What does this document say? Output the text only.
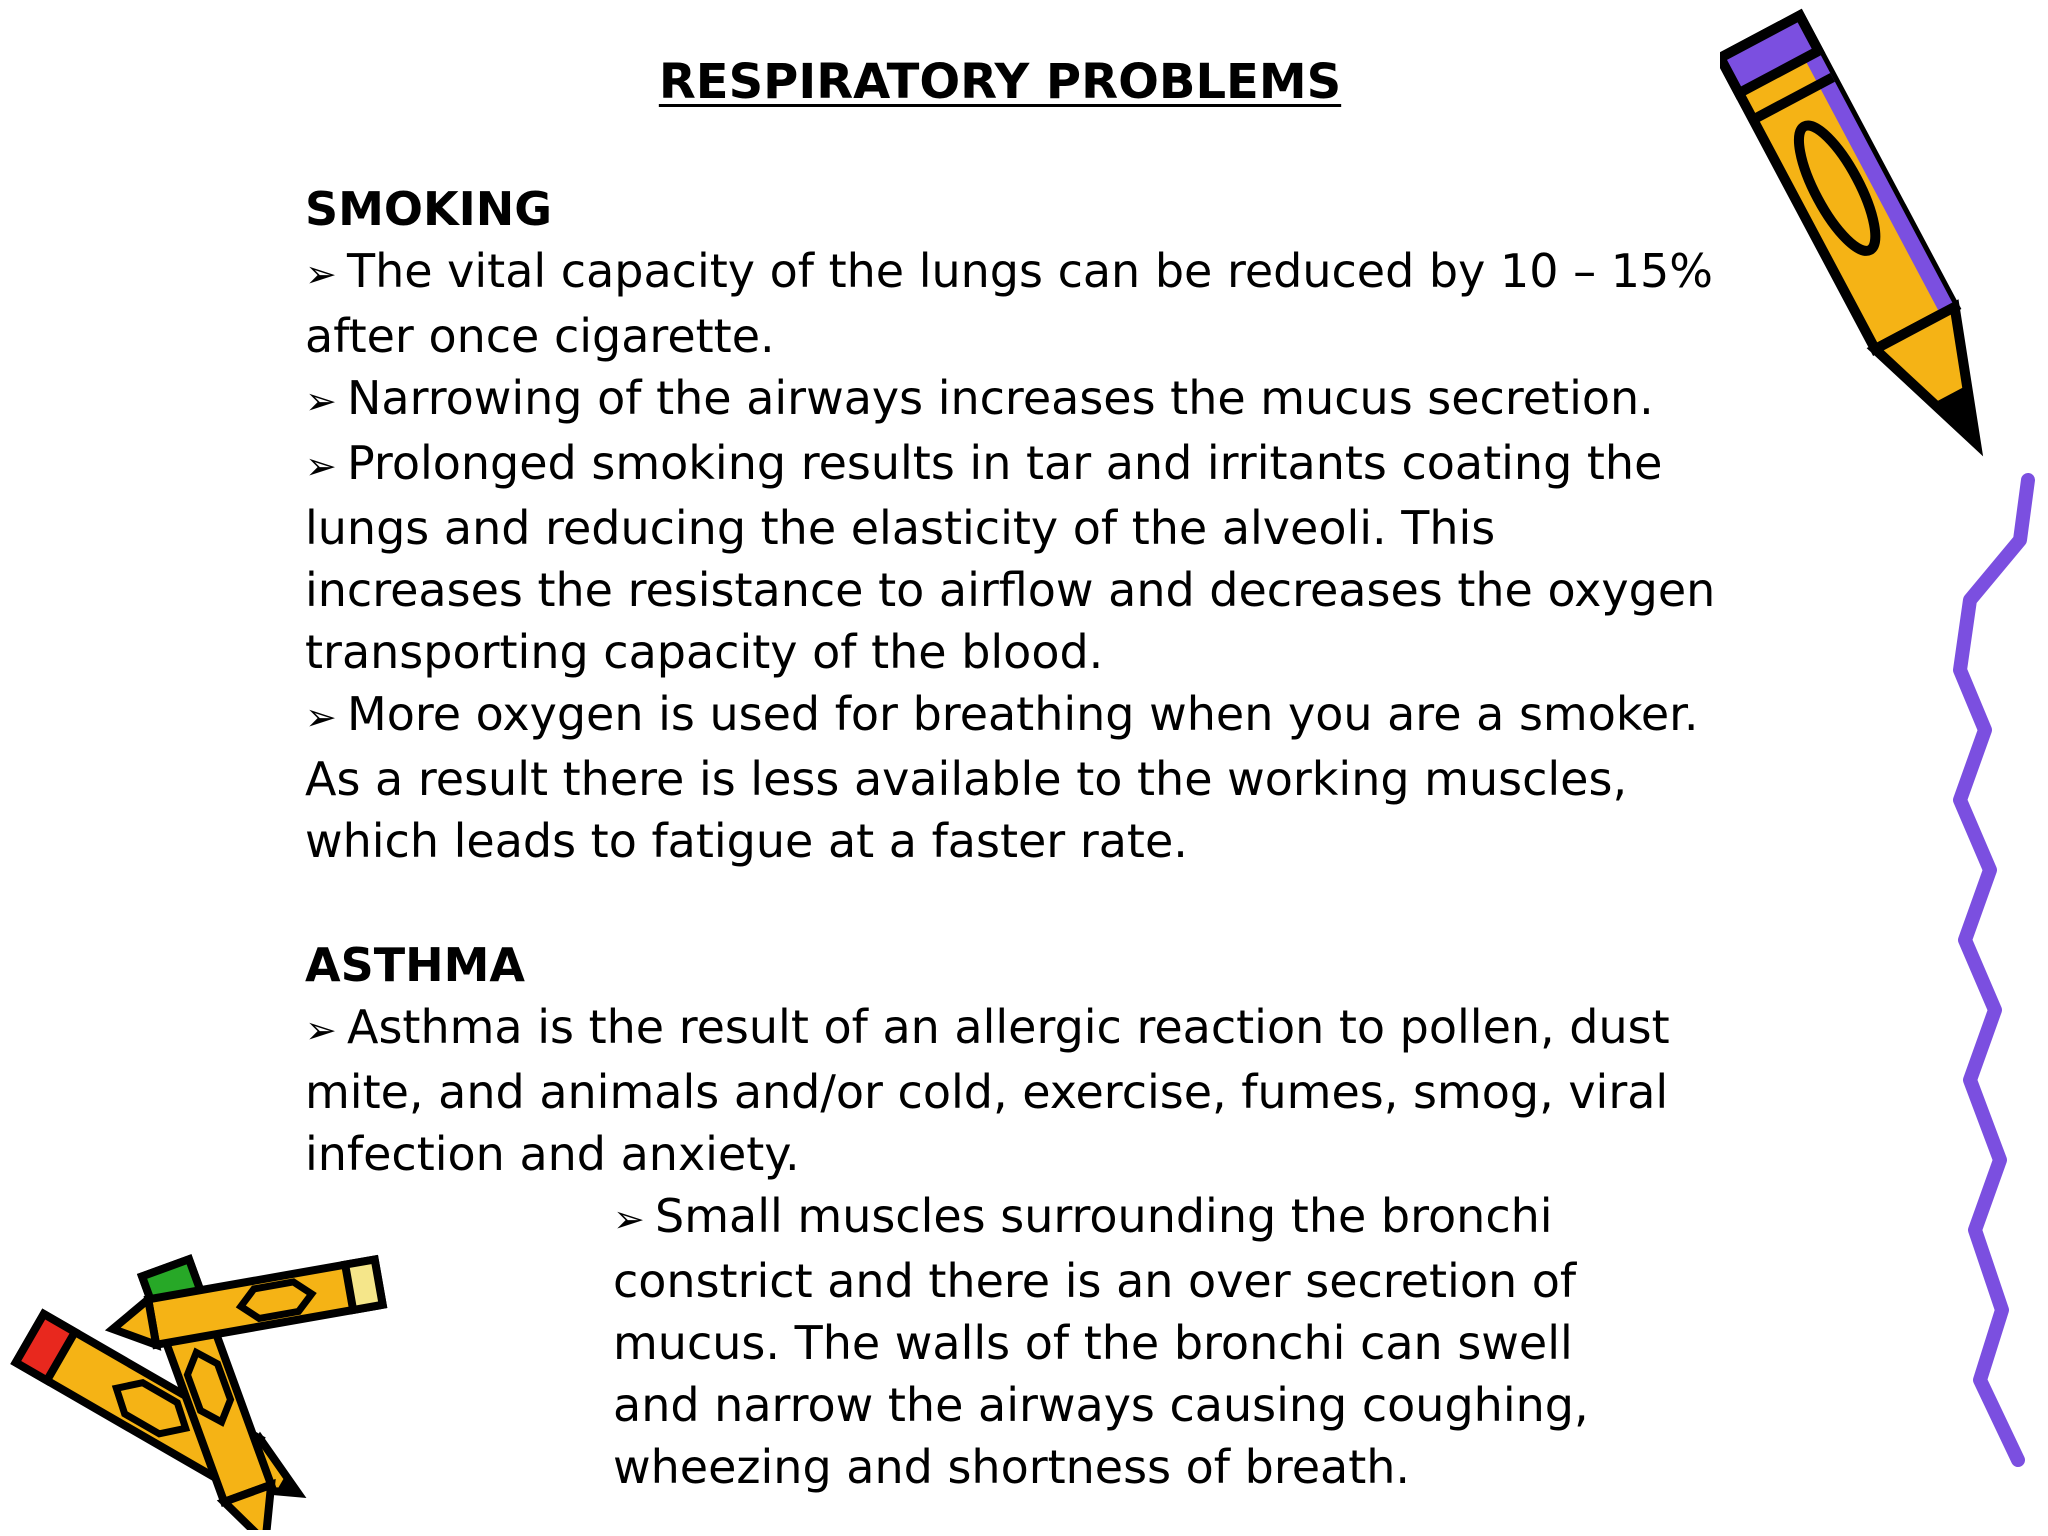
RESPIRATORY PROBLEMS
SMOKING

➢ The vital capacity of the lungs can be reduced by 10 – 15% after once cigarette.

➢ Narrowing of the airways increases the mucus secretion.

➢ Prolonged smoking results in tar and irritants coating the lungs and reducing the elasticity of the alveoli. This increases the resistance to airflow and decreases the oxygen transporting capacity of the blood.

➢ More oxygen is used for breathing when you are a smoker. As a result there is less available to the working muscles, which leads to fatigue at a faster rate.

ASTHMA

➢ Asthma is the result of an allergic reaction to pollen, dust mite, and animals and/or cold, exercise, fumes, smog, viral infection and anxiety.

➢ Small muscles surrounding the bronchi constrict and there is an over secretion of mucus. The walls of the bronchi can swell and narrow the airways causing coughing, wheezing and shortness of breath.
